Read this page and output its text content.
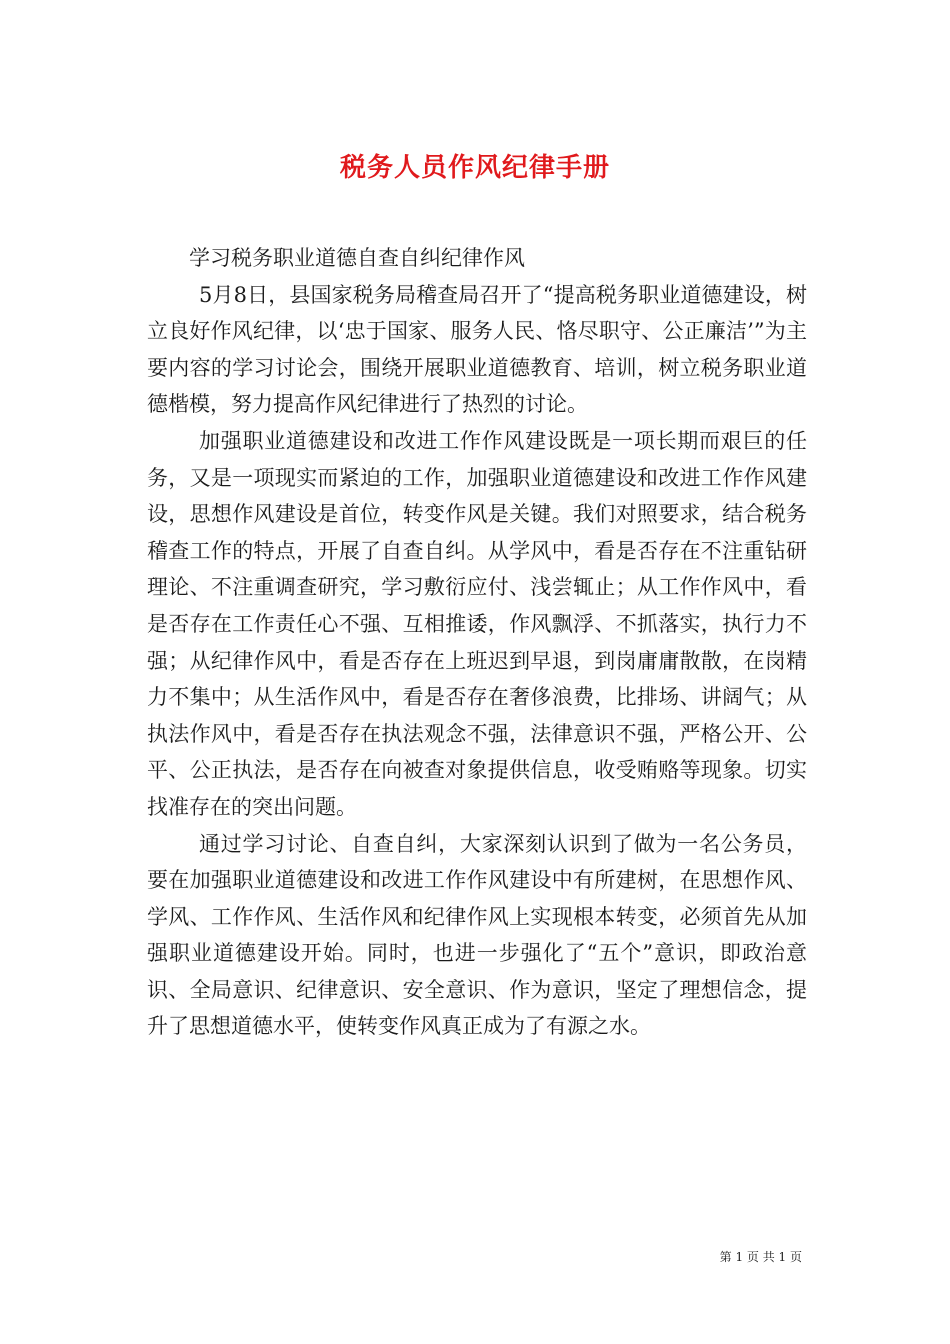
税务人员作风纪律手册

学习税务职业道德自查自纠纪律作风

5月8日，县国家税务局稽查局召开了“提高税务职业道德建设，树立良好作风纪律，以‘忠于国家、服务人民、恪尽职守、公正廉洁’”为主要内容的学习讨论会，围绕开展职业道德教育、培训，树立税务职业道德楷模，努力提高作风纪律进行了热烈的讨论。

加强职业道德建设和改进工作作风建设既是一项长期而艰巨的任务，又是一项现实而紧迫的工作，加强职业道德建设和改进工作作风建设，思想作风建设是首位，转变作风是关键。我们对照要求，结合税务稽查工作的特点，开展了自查自纠。从学风中，看是否存在不注重钻研理论、不注重调查研究，学习敷衍应付、浅尝辄止；从工作作风中，看是否存在工作责任心不强、互相推诿，作风飘浮、不抓落实，执行力不强；从纪律作风中，看是否存在上班迟到早退，到岗庸庸散散，在岗精力不集中；从生活作风中，看是否存在奢侈浪费，比排场、讲阔气；从执法作风中，看是否存在执法观念不强，法律意识不强，严格公开、公平、公正执法，是否存在向被查对象提供信息，收受贿赂等现象。切实找准存在的突出问题。

通过学习讨论、自查自纠，大家深刻认识到了做为一名公务员，要在加强职业道德建设和改进工作作风建设中有所建树，在思想作风、学风、工作作风、生活作风和纪律作风上实现根本转变，必须首先从加强职业道德建设开始。同时，也进一步强化了“五个”意识，即政治意识、全局意识、纪律意识、安全意识、作为意识，坚定了理想信念，提升了思想道德水平，使转变作风真正成为了有源之水。

第 1 页 共 1 页
